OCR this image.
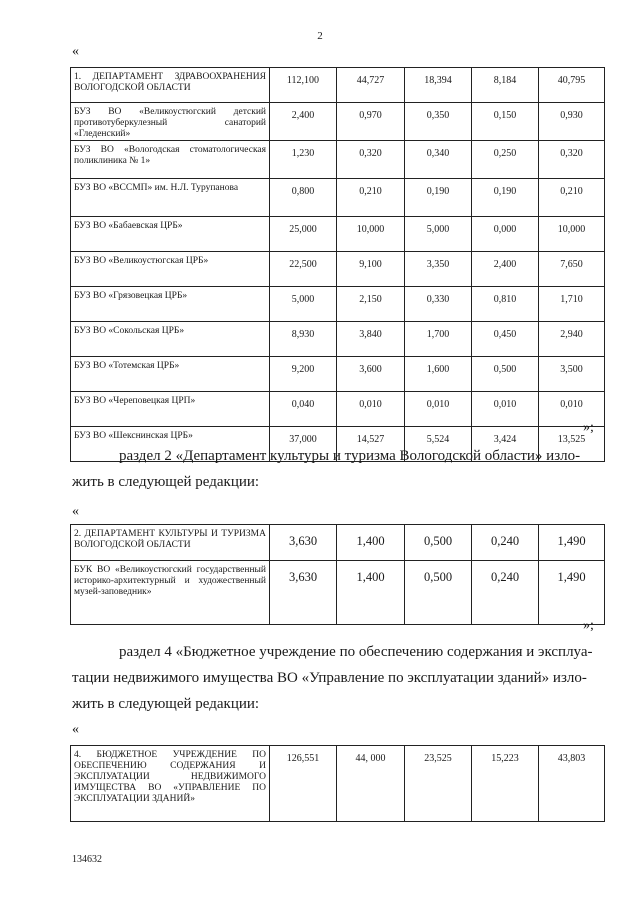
2
«
1. ДЕПАРТАМЕНТ ЗДРАВООХРАНЕНИЯ ВОЛОГОДСКОЙ ОБЛАСТИ	112,100	44,727	18,394	8,184	40,795
БУЗ ВО «Великоустюгский детский противотуберкулезный санаторий «Гледенский»	2,400	0,970	0,350	0,150	0,930
БУЗ ВО «Вологодская стоматологическая поликлиника № 1»	1,230	0,320	0,340	0,250	0,320
БУЗ ВО «ВССМП» им. Н.Л. Турупанова	0,800	0,210	0,190	0,190	0,210
БУЗ ВО «Бабаевская ЦРБ»	25,000	10,000	5,000	0,000	10,000
БУЗ ВО «Великоустюгская ЦРБ»	22,500	9,100	3,350	2,400	7,650
БУЗ ВО «Грязовецкая ЦРБ»	5,000	2,150	0,330	0,810	1,710
БУЗ ВО «Сокольская ЦРБ»	8,930	3,840	1,700	0,450	2,940
БУЗ ВО «Тотемская ЦРБ»	9,200	3,600	1,600	0,500	3,500
БУЗ ВО «Череповецкая ЦРП»	0,040	0,010	0,010	0,010	0,010
БУЗ ВО «Шекснинская ЦРБ»	37,000	14,527	5,524	3,424	13,525
»;
раздел 2 «Департамент культуры и туризма Вологодской области» изло-
жить в следующей редакции:
«
2. ДЕПАРТАМЕНТ КУЛЬТУРЫ И ТУРИЗМА ВОЛОГОДСКОЙ ОБЛАСТИ	3,630	1,400	0,500	0,240	1,490
БУК ВО «Великоустюгский государственный историко-архитектурный и художественный музей-заповедник»	3,630	1,400	0,500	0,240	1,490
»;
раздел 4 «Бюджетное учреждение по обеспечению содержания и эксплуа-
тации недвижимого имущества ВО «Управление по эксплуатации зданий» изло-
жить в следующей редакции:
«
4. БЮДЖЕТНОЕ УЧРЕЖДЕНИЕ ПО ОБЕСПЕЧЕНИЮ СОДЕРЖАНИЯ И ЭКСПЛУАТАЦИИ НЕДВИЖИМОГО ИМУЩЕСТВА ВО «УПРАВЛЕНИЕ ПО ЭКСПЛУАТАЦИИ ЗДАНИЙ»	126,551	44, 000	23,525	15,223	43,803
134632
